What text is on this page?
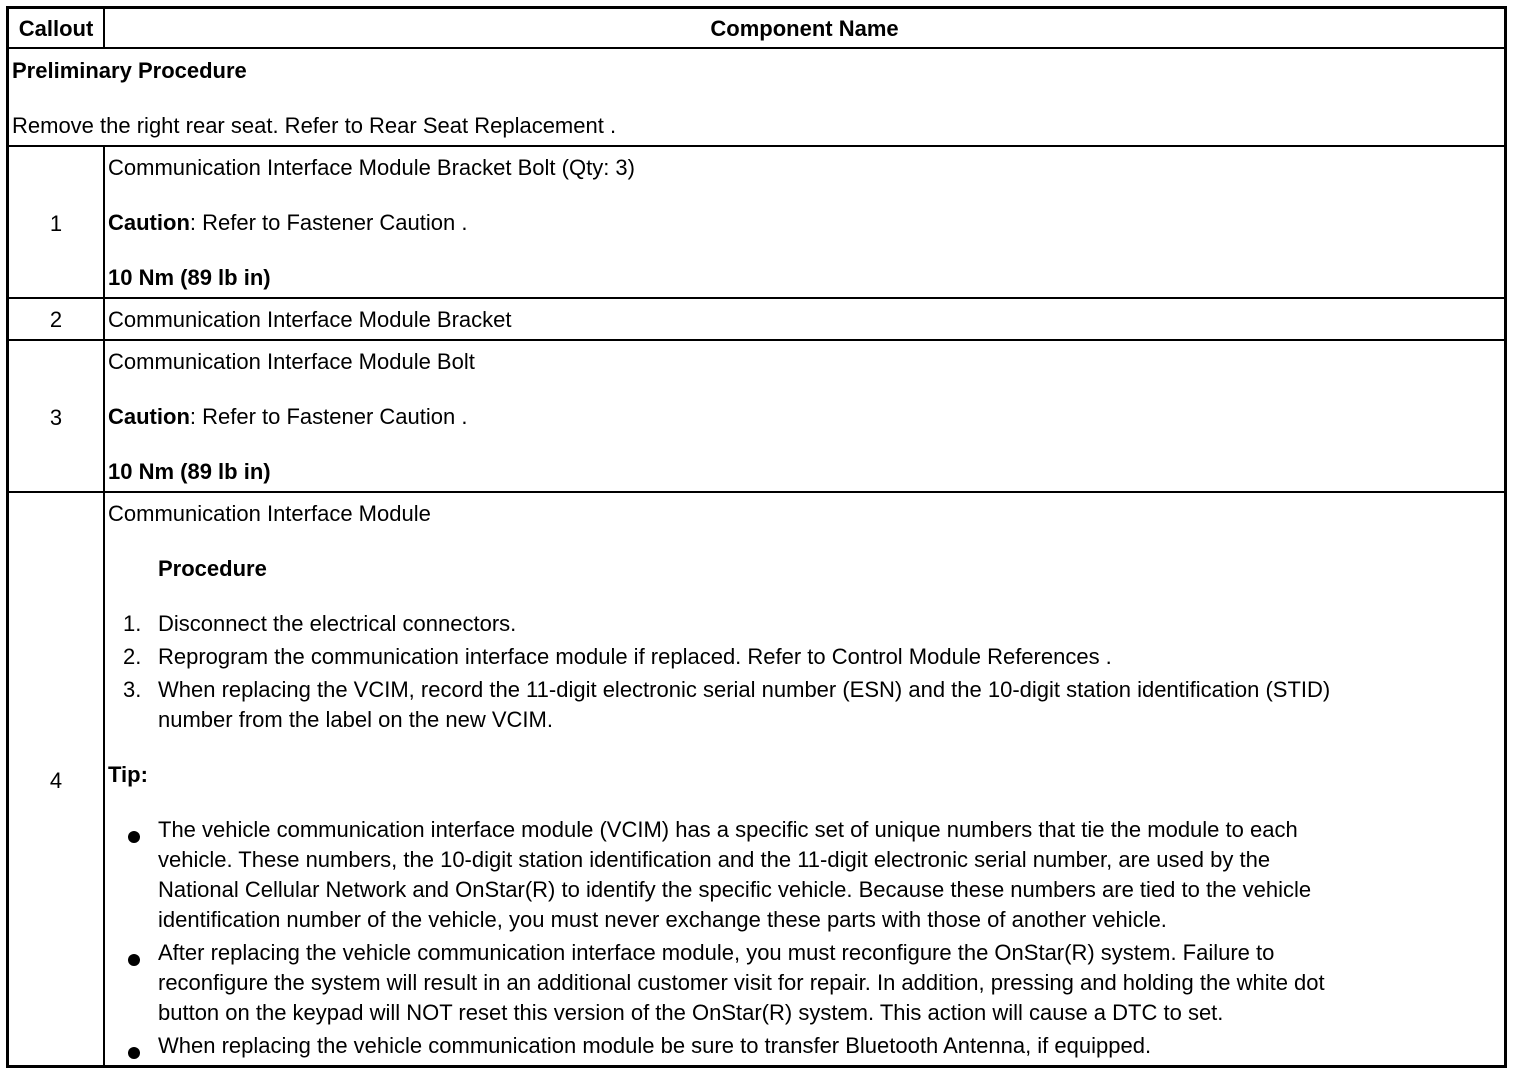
Callout	Component Name
Preliminary Procedure
Remove the right rear seat. Refer to Rear Seat Replacement .
1
Communication Interface Module Bracket Bolt (Qty: 3)
Caution: Refer to Fastener Caution .
10 Nm (89 lb in)
2	Communication Interface Module Bracket
3
Communication Interface Module Bolt
Caution: Refer to Fastener Caution .
10 Nm (89 lb in)
4
Communication Interface Module
Procedure
1. Disconnect the electrical connectors.
2. Reprogram the communication interface module if replaced. Refer to Control Module References .
3. When replacing the VCIM, record the 11-digit electronic serial number (ESN) and the 10-digit station identification (STID)
number from the label on the new VCIM.
Tip:
The vehicle communication interface module (VCIM) has a specific set of unique numbers that tie the module to each
vehicle. These numbers, the 10-digit station identification and the 11-digit electronic serial number, are used by the
National Cellular Network and OnStar(R) to identify the specific vehicle. Because these numbers are tied to the vehicle
identification number of the vehicle, you must never exchange these parts with those of another vehicle.
After replacing the vehicle communication interface module, you must reconfigure the OnStar(R) system. Failure to
reconfigure the system will result in an additional customer visit for repair. In addition, pressing and holding the white dot
button on the keypad will NOT reset this version of the OnStar(R) system. This action will cause a DTC to set.
When replacing the vehicle communication module be sure to transfer Bluetooth Antenna, if equipped.
